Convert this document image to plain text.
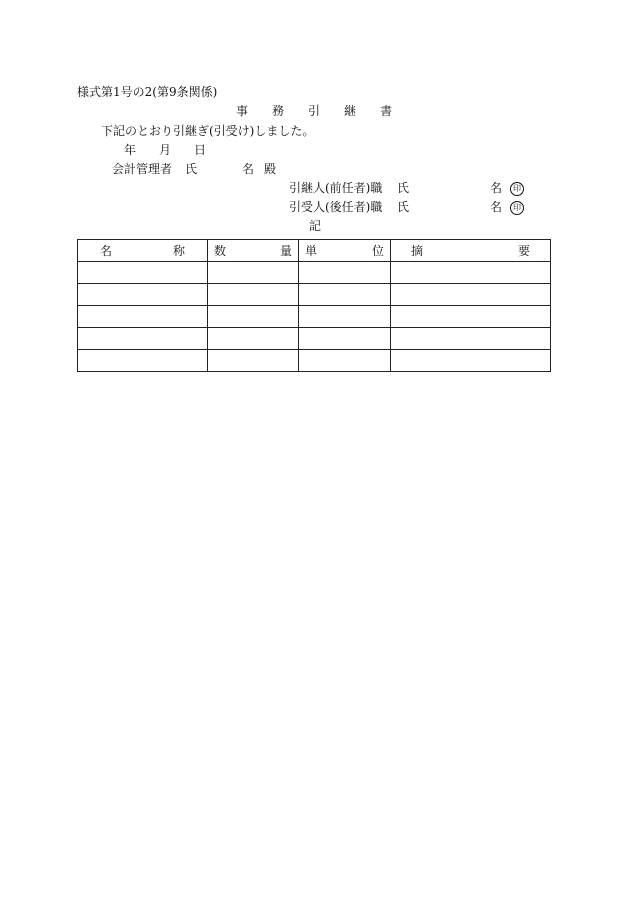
様式第1号の2(第9条関係)
事 務 引 継 書
下記のとおり引継ぎ(引受け)しました。
年 月 日
会計管理者 氏	名 殿
引継人(前任者)職 氏	名 印
引受人(後任者)職 氏	名 印
記
名 称	数 量	単 位	摘 要
